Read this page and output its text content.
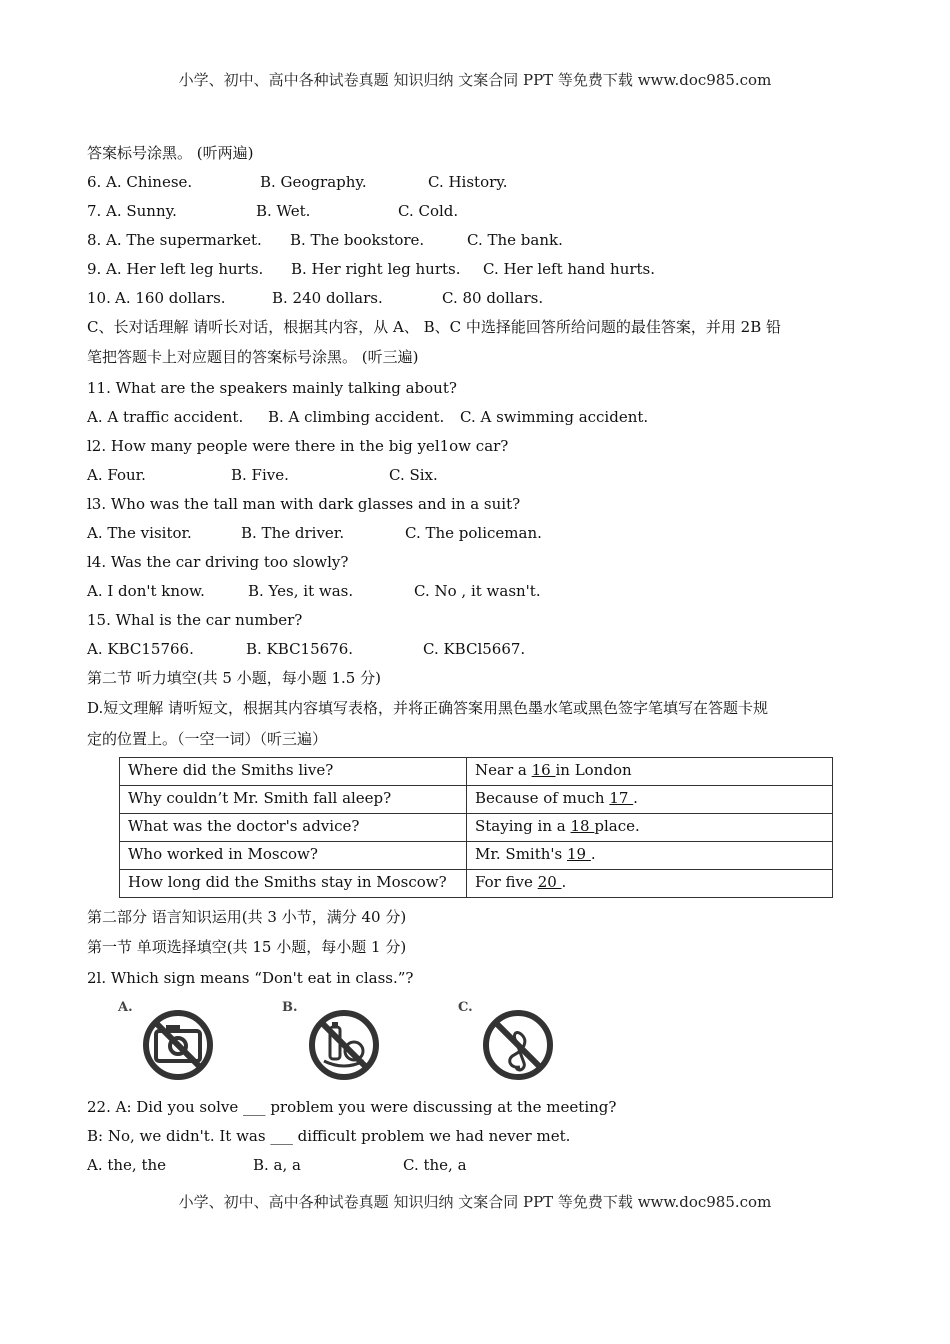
小学、初中、高中各种试卷真题 知识归纳 文案合同 PPT 等免费下载 www.doc985.com
答案标号涂黑。 (听两遍)
6. A. Chinese.	B. Geography.	C. History.
7. A. Sunny.	B. Wet.	C. Cold.
8. A. The supermarket. B. The bookstore.	C. The bank.
9. A. Her left leg hurts. B. Her right leg hurts. C. Her left hand hurts.
10. A. 160 dollars.	B. 240 dollars.	C. 80 dollars.
C、长对话理解 请听长对话，根据其内容，从 A、 B、C 中选择能回答所给问题的最佳答案，并用 2B 铅
笔把答题卡上对应题目的答案标号涂黑。 (听三遍)
11. What are the speakers mainly talking about?
A. A traffic accident. B. A climbing accident. C. A swimming accident.
l2. How many people were there in the big yel1ow car?
A. Four.	B. Five.	C. Six.
l3. Who was the tall man with dark glasses and in a suit?
A. The visitor.	B. The driver.	C. The policeman.
l4. Was the car driving too slowly?
A. I don't know.	B. Yes, it was.	C. No , it wasn't.
15. Whal is the car number?
A. KBC15766.	B. KBC15676.	C. KBCl5667.
第二节 听力填空(共 5 小题，每小题 1.5 分)
D.短文理解 请听短文，根据其内容填写表格，并将正确答案用黑色墨水笔或黑色签字笔填写在答题卡规
定的位置上。（一空一词）（听三遍）
Where did the Smiths live?	Near a 16 in London
Why couldn’t Mr. Smith fall aleep?	Because of much 17 .
What was the doctor's advice?	Staying in a 18 place.
Who worked in Moscow?	Mr. Smith's 19 .
How long did the Smiths stay in Moscow?	For five 20 .
第二部分 语言知识运用(共 3 小节，满分 40 分)
第一节 单项选择填空(共 15 小题，每小题 1 分)
2l. Which sign means “Don't eat in class.”?
A.	B.	C.
22. A: Did you solve ___ problem you were discussing at the meeting?
B: No, we didn't. It was ___ difficult problem we had never met.
A. the, the	B. a, a	C. the, a
小学、初中、高中各种试卷真题 知识归纳 文案合同 PPT 等免费下载 www.doc985.com
